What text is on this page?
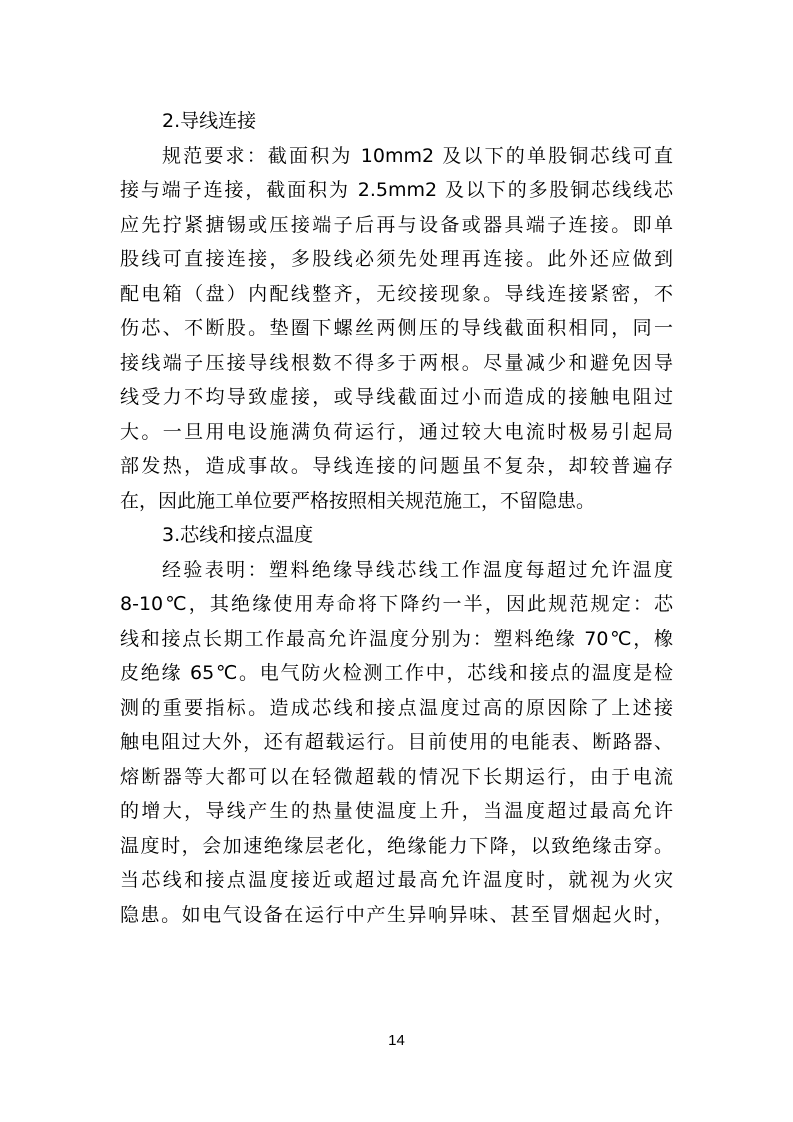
2.导线连接
规范要求：截面积为 10mm2 及以下的单股铜芯线可直
接与端子连接，截面积为 2.5mm2 及以下的多股铜芯线线芯
应先拧紧搪锡或压接端子后再与设备或器具端子连接。即单
股线可直接连接，多股线必须先处理再连接。此外还应做到
配电箱（盘）内配线整齐，无绞接现象。导线连接紧密，不
伤芯、不断股。垫圈下螺丝两侧压的导线截面积相同，同一
接线端子压接导线根数不得多于两根。尽量减少和避免因导
线受力不均导致虚接，或导线截面过小而造成的接触电阻过
大。一旦用电设施满负荷运行，通过较大电流时极易引起局
部发热，造成事故。导线连接的问题虽不复杂，却较普遍存
在，因此施工单位要严格按照相关规范施工，不留隐患。
3.芯线和接点温度
经验表明：塑料绝缘导线芯线工作温度每超过允许温度
8-10℃，其绝缘使用寿命将下降约一半，因此规范规定：芯
线和接点长期工作最高允许温度分别为：塑料绝缘 70℃，橡
皮绝缘 65℃。电气防火检测工作中，芯线和接点的温度是检
测的重要指标。造成芯线和接点温度过高的原因除了上述接
触电阻过大外，还有超载运行。目前使用的电能表、断路器、
熔断器等大都可以在轻微超载的情况下长期运行，由于电流
的增大，导线产生的热量使温度上升，当温度超过最高允许
温度时，会加速绝缘层老化，绝缘能力下降，以致绝缘击穿。
当芯线和接点温度接近或超过最高允许温度时，就视为火灾
隐患。如电气设备在运行中产生异响异味、甚至冒烟起火时，
14
